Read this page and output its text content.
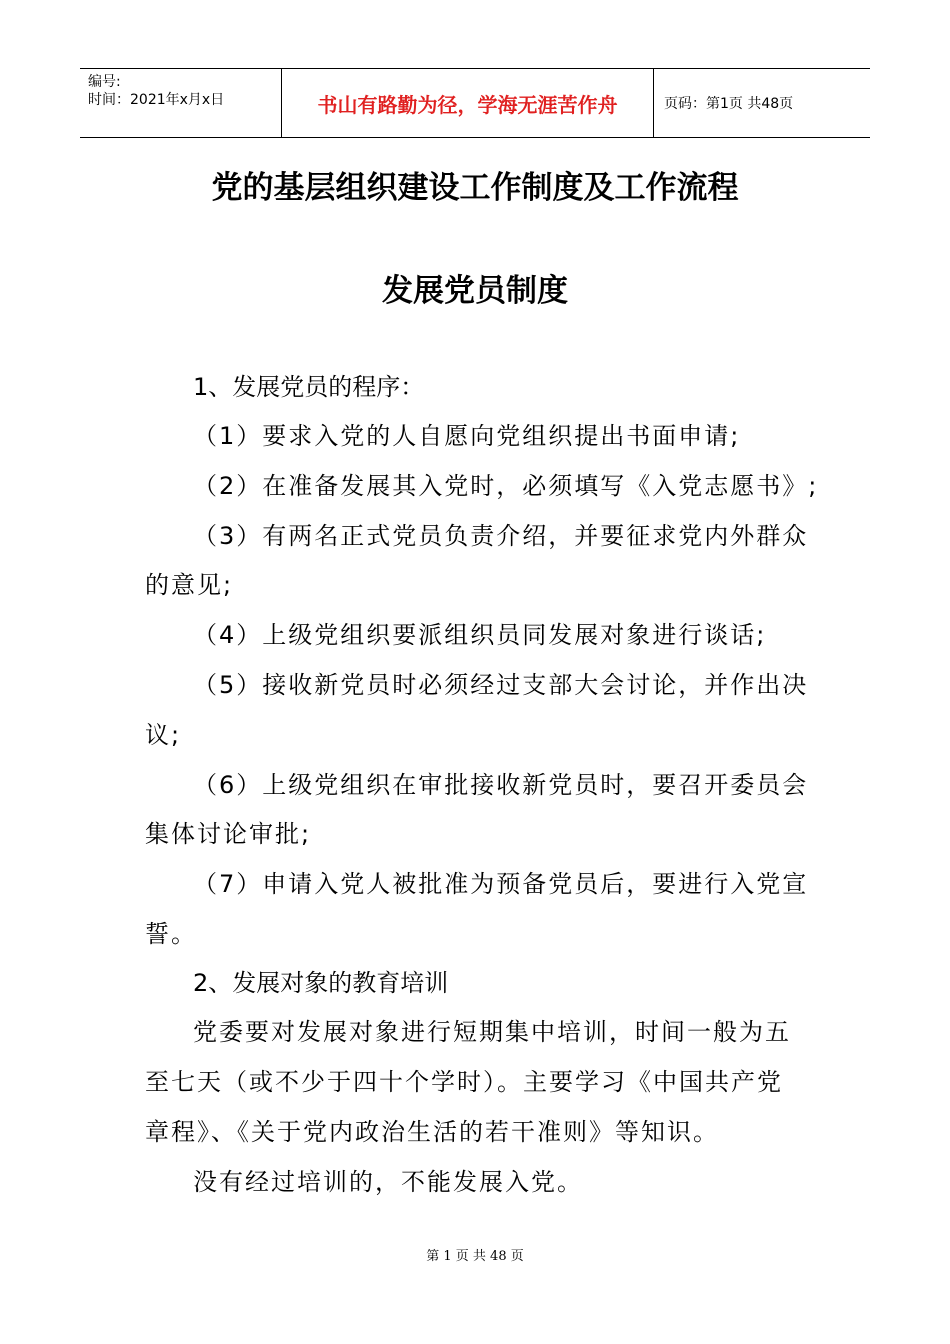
编号:
时间：2021年x月x日	书山有路勤为径，学海无涯苦作舟	页码：第1页 共48页
党的基层组织建设工作制度及工作流程
发展党员制度
1、发展党员的程序：
（1）要求入党的人自愿向党组织提出书面申请;
（2）在准备发展其入党时，必须填写《入党志愿书》;
（3）有两名正式党员负责介绍，并要征求党内外群众
的意见;
（4）上级党组织要派组织员同发展对象进行谈话;
（5）接收新党员时必须经过支部大会讨论，并作出决
议;
（6）上级党组织在审批接收新党员时，要召开委员会
集体讨论审批;
（7）申请入党人被批准为预备党员后，要进行入党宣
誓。
2、发展对象的教育培训
党委要对发展对象进行短期集中培训，时间一般为五
至七天（或不少于四十个学时）。主要学习《中国共产党
章程》、《关于党内政治生活的若干准则》等知识。
没有经过培训的，不能发展入党。
第 1 页 共 48 页
